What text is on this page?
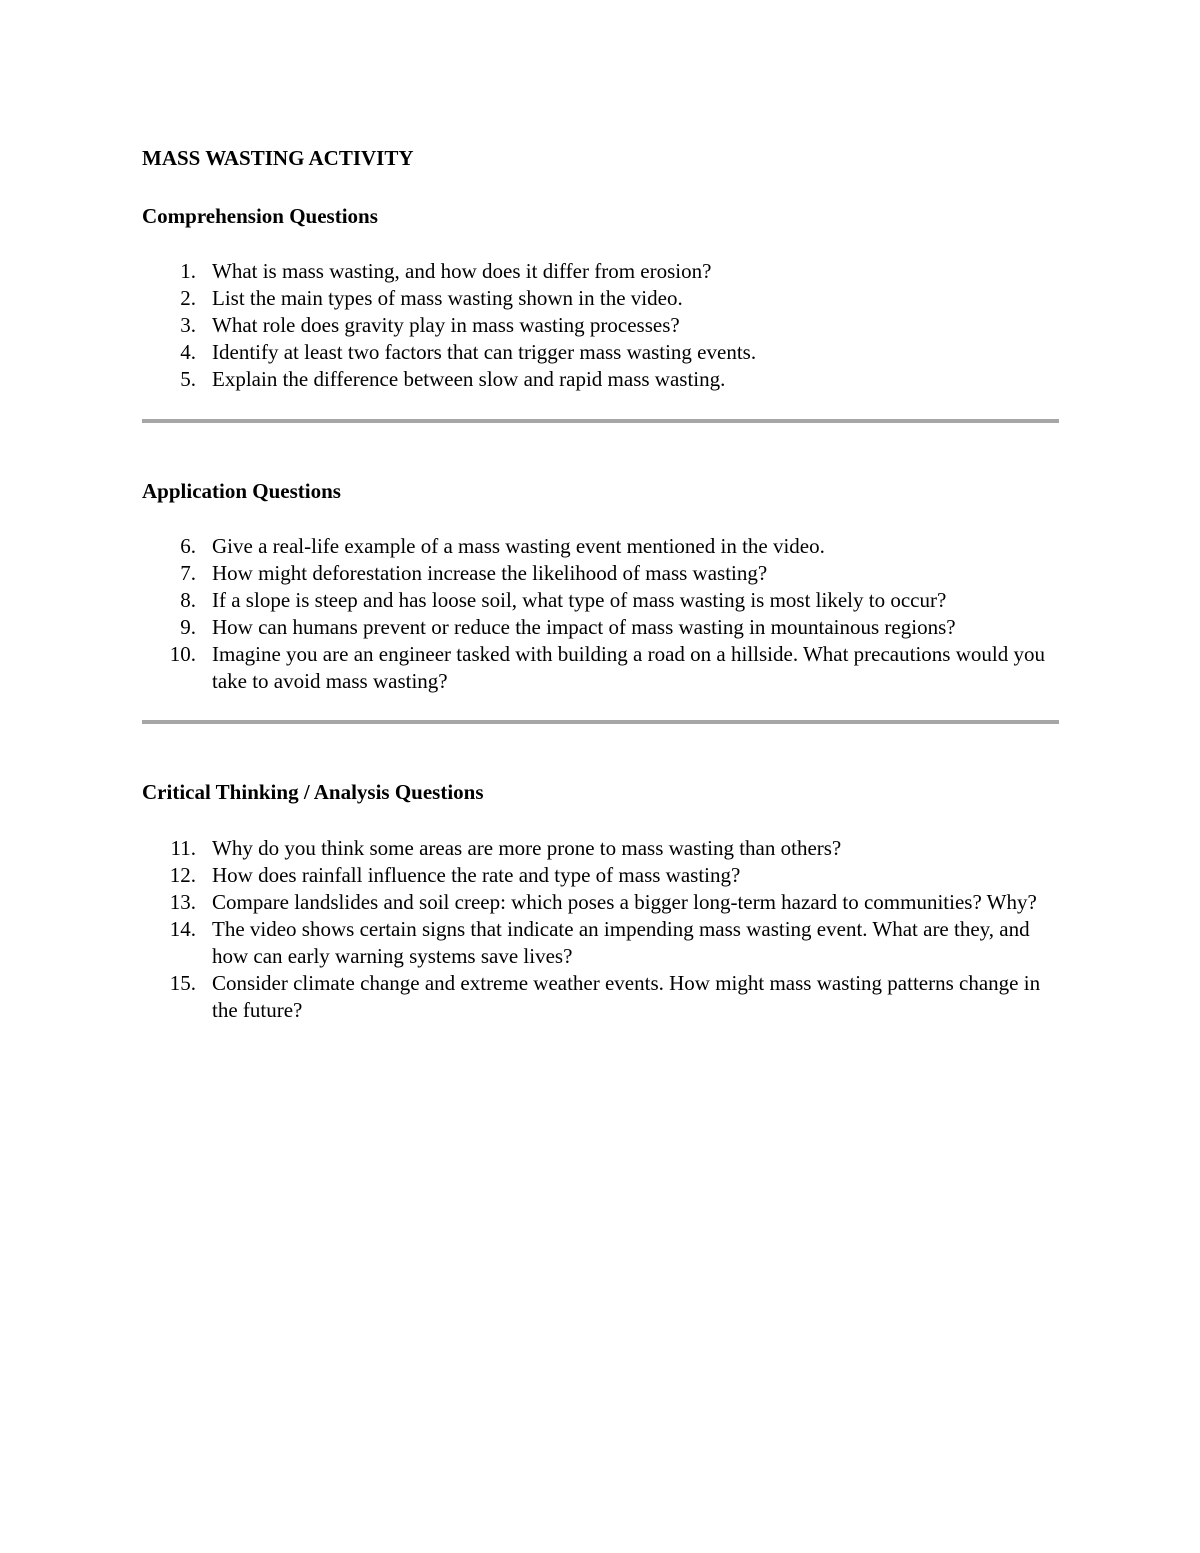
MASS WASTING ACTIVITY
Comprehension Questions
1. What is mass wasting, and how does it differ from erosion?
2. List the main types of mass wasting shown in the video.
3. What role does gravity play in mass wasting processes?
4. Identify at least two factors that can trigger mass wasting events.
5. Explain the difference between slow and rapid mass wasting.
Application Questions
6. Give a real-life example of a mass wasting event mentioned in the video.
7. How might deforestation increase the likelihood of mass wasting?
8. If a slope is steep and has loose soil, what type of mass wasting is most likely to occur?
9. How can humans prevent or reduce the impact of mass wasting in mountainous regions?
10. Imagine you are an engineer tasked with building a road on a hillside. What precautions would you take to avoid mass wasting?
Critical Thinking / Analysis Questions
11. Why do you think some areas are more prone to mass wasting than others?
12. How does rainfall influence the rate and type of mass wasting?
13. Compare landslides and soil creep: which poses a bigger long-term hazard to communities? Why?
14. The video shows certain signs that indicate an impending mass wasting event. What are they, and how can early warning systems save lives?
15. Consider climate change and extreme weather events. How might mass wasting patterns change in the future?
